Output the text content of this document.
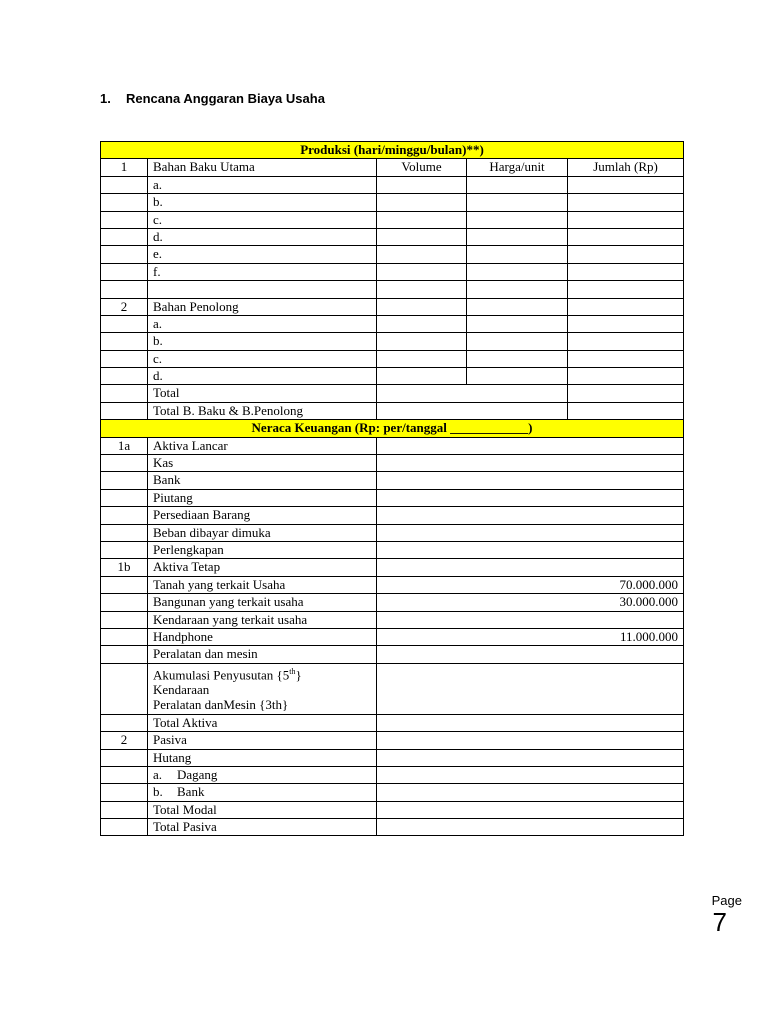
1. Rencana Anggaran Biaya Usaha
Produksi (hari/minggu/bulan)**)				
1	Bahan Baku Utama	Volume	Harga/unit	Jumlah (Rp)
	a.			
	b.			
	c.			
	d.			
	e.			
	f.			

2	Bahan Penolong			
	a.			
	b.			
	c.			
	d.			
	Total			
	Total B. Baku & B.Penolong			
Neraca Keuangan (Rp: per/tanggal ____________)				
1a	Aktiva Lancar			
	Kas			
	Bank			
	Piutang			
	Persediaan Barang			
	Beban dibayar dimuka			
	Perlengkapan			
1b	Aktiva Tetap			
	Tanah yang terkait Usaha	70.000.000		
	Bangunan yang terkait usaha	30.000.000		
	Kendaraan yang terkait usaha			
	Handphone	11.000.000		
	Peralatan dan mesin			

	Akumulasi Penyusutan {5th}
Kendaraan
Peralatan danMesin {3th}			

	Total Aktiva			
2	Pasiva			
	Hutang			
	a. Dagang			
	b. Bank			
	Total Modal			
	Total Pasiva			
Page
7
